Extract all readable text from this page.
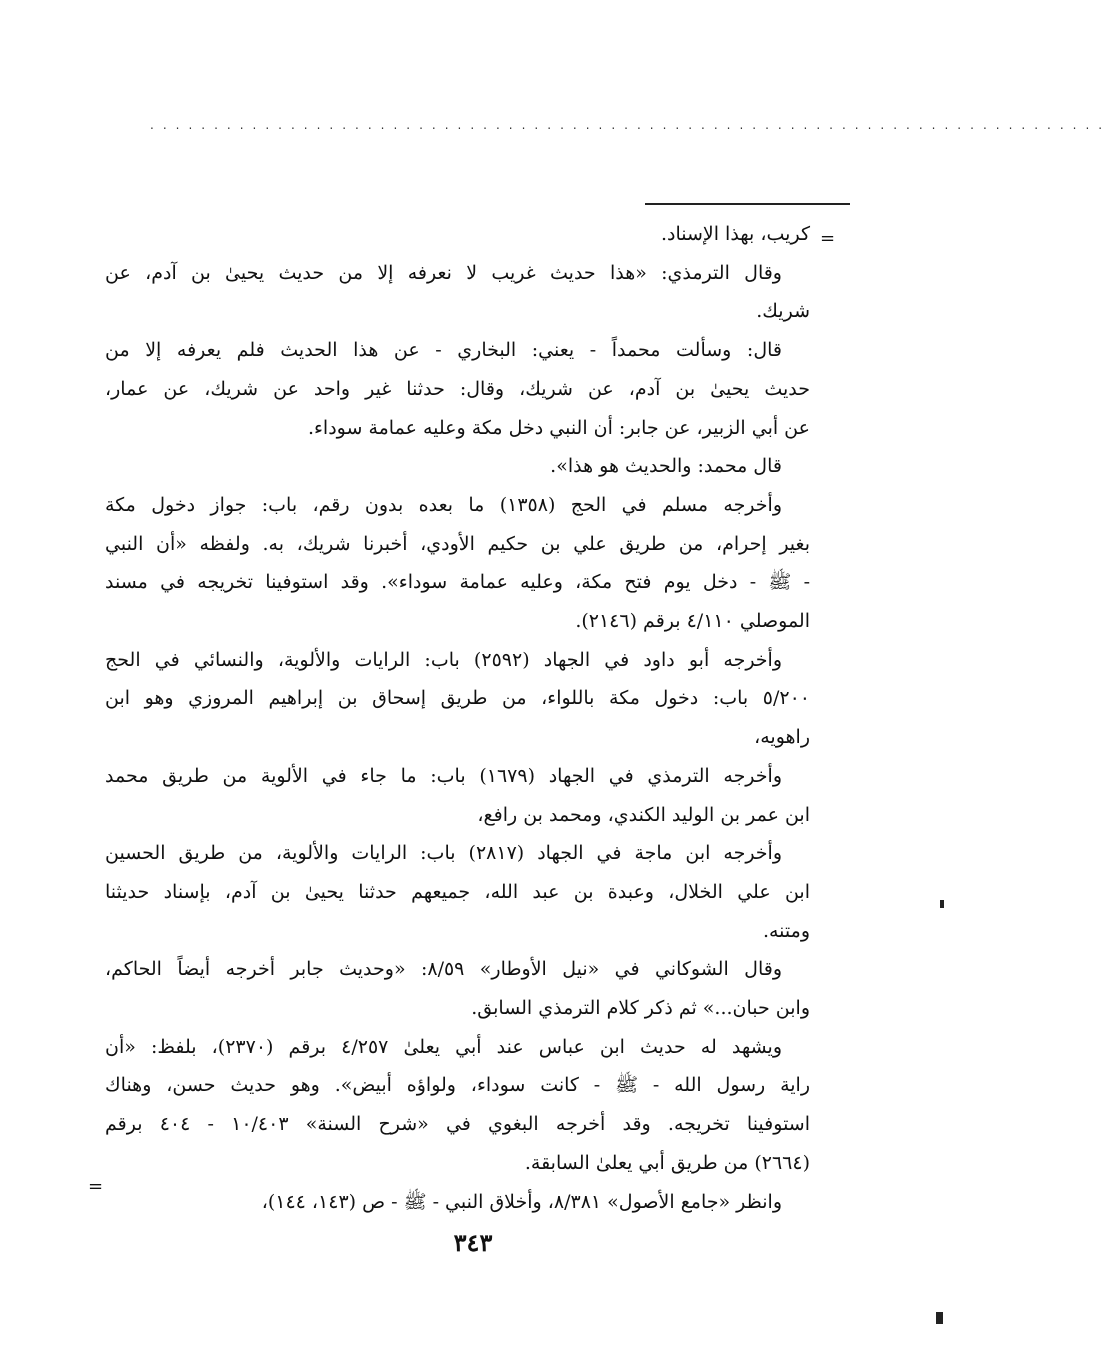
...........................................................................
=
كريب، بهذا الإسناد.
وقال الترمذي: «هذا حديث غريب لا نعرفه إلا من حديث يحيىٰ بن آدم، عن
شريك.
قال: وسألت محمداً - يعني: البخاري - عن هذا الحديث فلم يعرفه إلا من
حديث يحيىٰ بن آدم، عن شريك، وقال: حدثنا غير واحد عن شريك، عن عمار،
عن أبي الزبير، عن جابر: أن النبي دخل مكة وعليه عمامة سوداء.
قال محمد: والحديث هو هذا».
وأخرجه مسلم في الحج (١٣٥٨) ما بعده بدون رقم، باب: جواز دخول مكة
بغير إحرام، من طريق علي بن حكيم الأودي، أخبرنا شريك، به. ولفظه «أن النبي
- ﷺ - دخل يوم فتح مكة، وعليه عمامة سوداء». وقد استوفينا تخريجه في مسند
الموصلي ٤/١١٠ برقم (٢١٤٦).
وأخرجه أبو داود في الجهاد (٢٥٩٢) باب: الرايات والألوية، والنسائي في الحج
٥/٢٠٠ باب: دخول مكة باللواء، من طريق إسحاق بن إبراهيم المروزي وهو ابن
راهويه،
وأخرجه الترمذي في الجهاد (١٦٧٩) باب: ما جاء في الألوية من طريق محمد
ابن عمر بن الوليد الكندي، ومحمد بن رافع،
وأخرجه ابن ماجة في الجهاد (٢٨١٧) باب: الرايات والألوية، من طريق الحسين
ابن علي الخلال، وعبدة بن عبد الله، جميعهم حدثنا يحيىٰ بن آدم، بإسناد حديثنا
ومتنه.
وقال الشوكاني في «نيل الأوطار» ٨/٥٩: «وحديث جابر أخرجه أيضاً الحاكم،
وابن حبان...» ثم ذكر كلام الترمذي السابق.
ويشهد له حديث ابن عباس عند أبي يعلىٰ ٤/٢٥٧ برقم (٢٣٧٠)، بلفظ: «أن
راية رسول الله - ﷺ - كانت سوداء، ولواؤه أبيض». وهو حديث حسن، وهناك
استوفينا تخريجه. وقد أخرجه البغوي في «شرح السنة» ١٠/٤٠٣ - ٤٠٤ برقم
(٢٦٦٤) من طريق أبي يعلىٰ السابقة.
وانظر «جامع الأصول» ٨/٣٨١، وأخلاق النبي - ﷺ - ص (١٤٣، ١٤٤)،
=
٣٤٣
